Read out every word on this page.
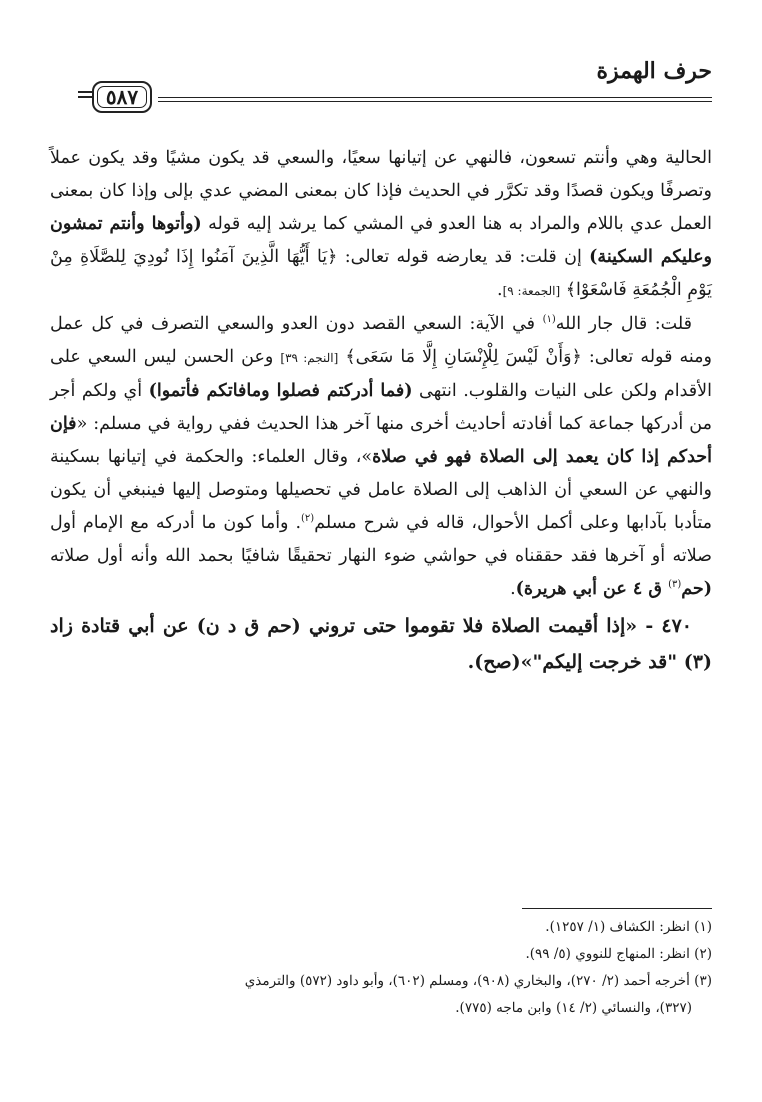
حرف الهمزة
٥٨٧

الحالية وهي وأنتم تسعون، فالنهي عن إتيانها سعيًا، والسعي قد يكون مشيًا وقد يكون عملاً وتصرفًا ويكون قصدًا وقد تكرَّر في الحديث فإذا كان بمعنى المضي عدي بإلى وإذا كان بمعنى العمل عدي باللام والمراد به هنا العدو في المشي كما يرشد إليه قوله (وأتوها وأنتم تمشون وعليكم السكينة) إن قلت: قد يعارضه قوله تعالى: ﴿يَا أَيُّهَا الَّذِينَ آمَنُوا إِذَا نُودِيَ لِلصَّلَاةِ مِنْ يَوْمِ الْجُمُعَةِ فَاسْعَوْا﴾ [الجمعة: ٩].

قلت: قال جار الله$^{(١)}$ في الآية: السعي القصد دون العدو والسعي التصرف في كل عمل ومنه قوله تعالى: ﴿وَأَنْ لَيْسَ لِلْإِنْسَانِ إِلَّا مَا سَعَى﴾ [النجم: ٣٩] وعن الحسن ليس السعي على الأقدام ولكن على النيات والقلوب. انتهى (فما أدركتم فصلوا ومافاتكم فأتموا) أي ولكم أجر من أدركها جماعة كما أفادته أحاديث أخرى منها آخر هذا الحديث ففي رواية في مسلم: «فإن أحدكم إذا كان يعمد إلى الصلاة فهو في صلاة»، وقال العلماء: والحكمة في إتيانها بسكينة والنهي عن السعي أن الذاهب إلى الصلاة عامل في تحصيلها ومتوصل إليها فينبغي أن يكون متأدبا بآدابها وعلى أكمل الأحوال، قاله في شرح مسلم$^{(٢)}$. وأما كون ما أدركه مع الإمام أول صلاته أو آخرها فقد حققناه في حواشي ضوء النهار تحقيقًا شافيًا بحمد الله وأنه أول صلاته (حم$^{(٣)}$ ق ٤ عن أبي هريرة).

٤٧٠ - «إذا أقيمت الصلاة فلا تقوموا حتى تروني (حم ق د ن) عن أبي قتادة زاد (٣) "قد خرجت إليكم"»(صح).

(١) انظر: الكشاف (١/ ١٢٥٧).

(٢) انظر: المنهاج للنووي (٥/ ٩٩).

(٣) أخرجه أحمد (٢/ ٢٧٠)، والبخاري (٩٠٨)، ومسلم (٦٠٢)، وأبو داود (٥٧٢) والترمذي

(٣٢٧)، والنسائي (٢/ ١٤) وابن ماجه (٧٧٥).
